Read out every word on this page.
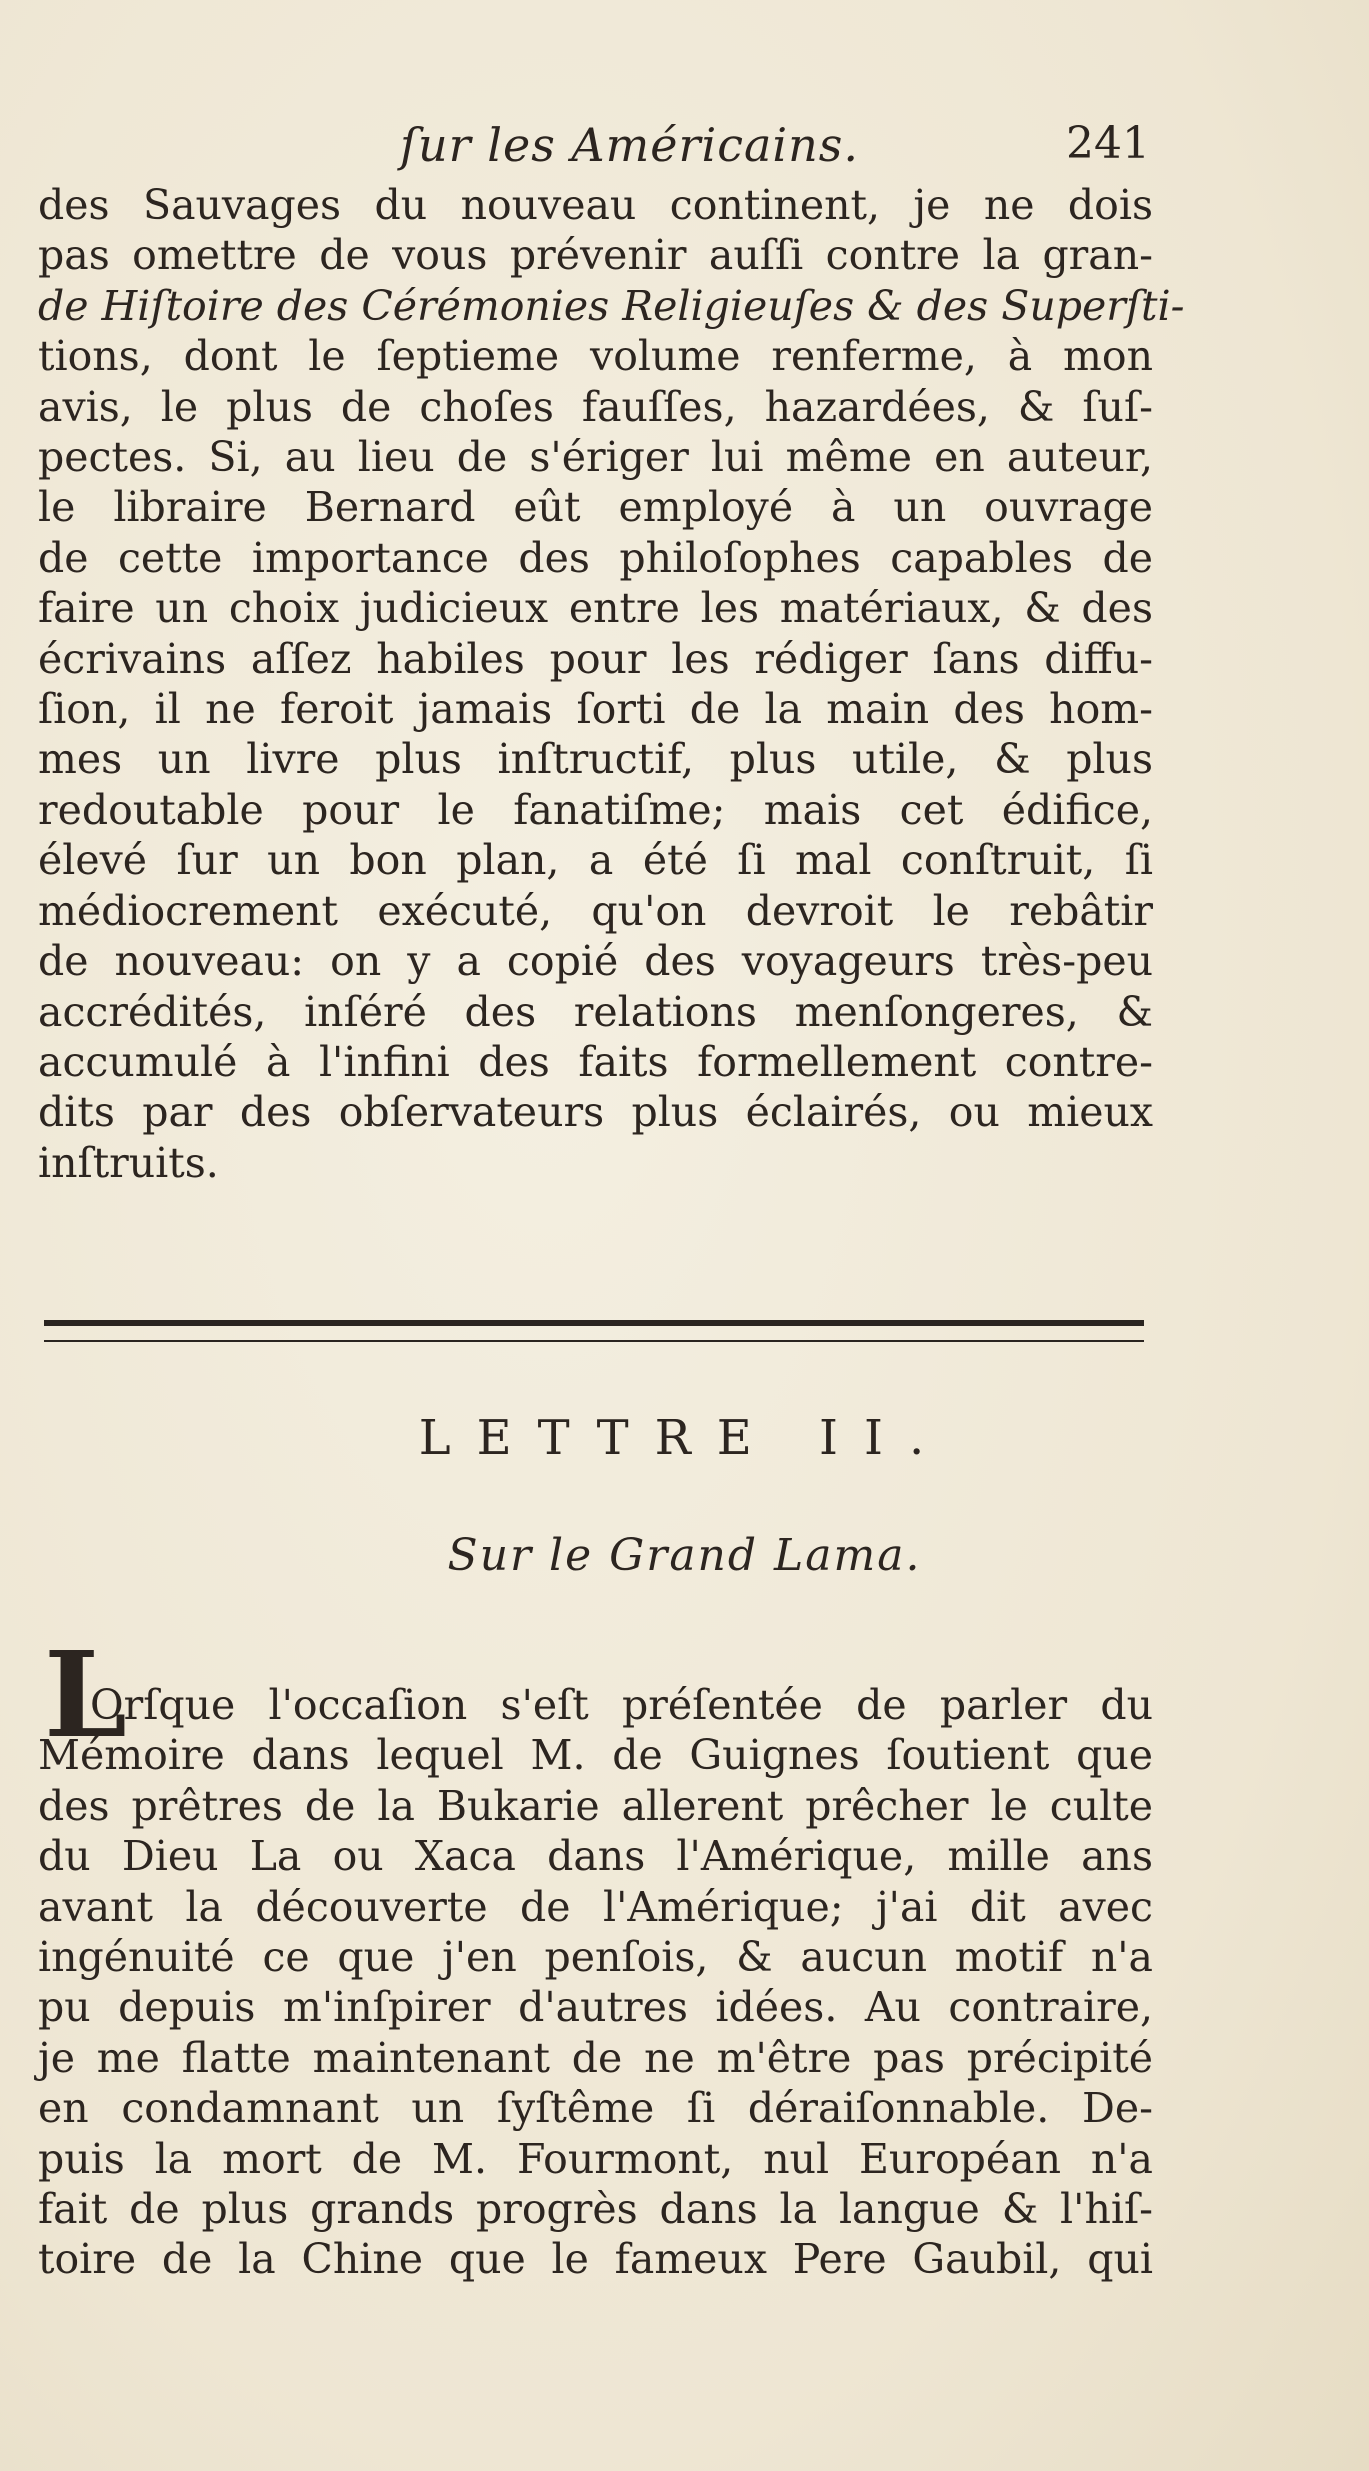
ſur les Américains.	241
des Sauvages du nouveau continent, je ne dois
pas omettre de vous prévenir auſſi contre la gran-
de Hiſtoire des Cérémonies Religieuſes & des Superſti-
tions, dont le ſeptieme volume renferme, à mon
avis, le plus de choſes fauſſes, hazardées, & ſuſ-
pectes. Si, au lieu de s'ériger lui même en auteur,
le libraire Bernard eût employé à un ouvrage
de cette importance des philoſophes capables de
faire un choix judicieux entre les matériaux, & des
écrivains aſſez habiles pour les rédiger ſans diffu-
ſion, il ne feroit jamais ſorti de la main des hom-
mes un livre plus inſtructif, plus utile, & plus
redoutable pour le fanatiſme; mais cet édifice,
élevé ſur un bon plan, a été ſi mal conſtruit, ſi
médiocrement exécuté, qu'on devroit le rebâtir
de nouveau: on y a copié des voyageurs très-peu
accrédités, inſéré des relations menſongeres, &
accumulé à l'infini des faits formellement contre-
dits par des obſervateurs plus éclairés, ou mieux
inſtruits.
LETTRE II.
Sur le Grand Lama.
L
Orſque l'occaſion s'eſt préſentée de parler du
Mémoire dans lequel M. de Guignes ſoutient que
des prêtres de la Bukarie allerent prêcher le culte
du Dieu La ou Xaca dans l'Amérique, mille ans
avant la découverte de l'Amérique; j'ai dit avec
ingénuité ce que j'en penſois, & aucun motif n'a
pu depuis m'inſpirer d'autres idées. Au contraire,
je me flatte maintenant de ne m'être pas précipité
en condamnant un ſyſtême ſi déraiſonnable. De-
puis la mort de M. Fourmont, nul Européan n'a
fait de plus grands progrès dans la langue & l'hiſ-
toire de la Chine que le fameux Pere Gaubil, qui
